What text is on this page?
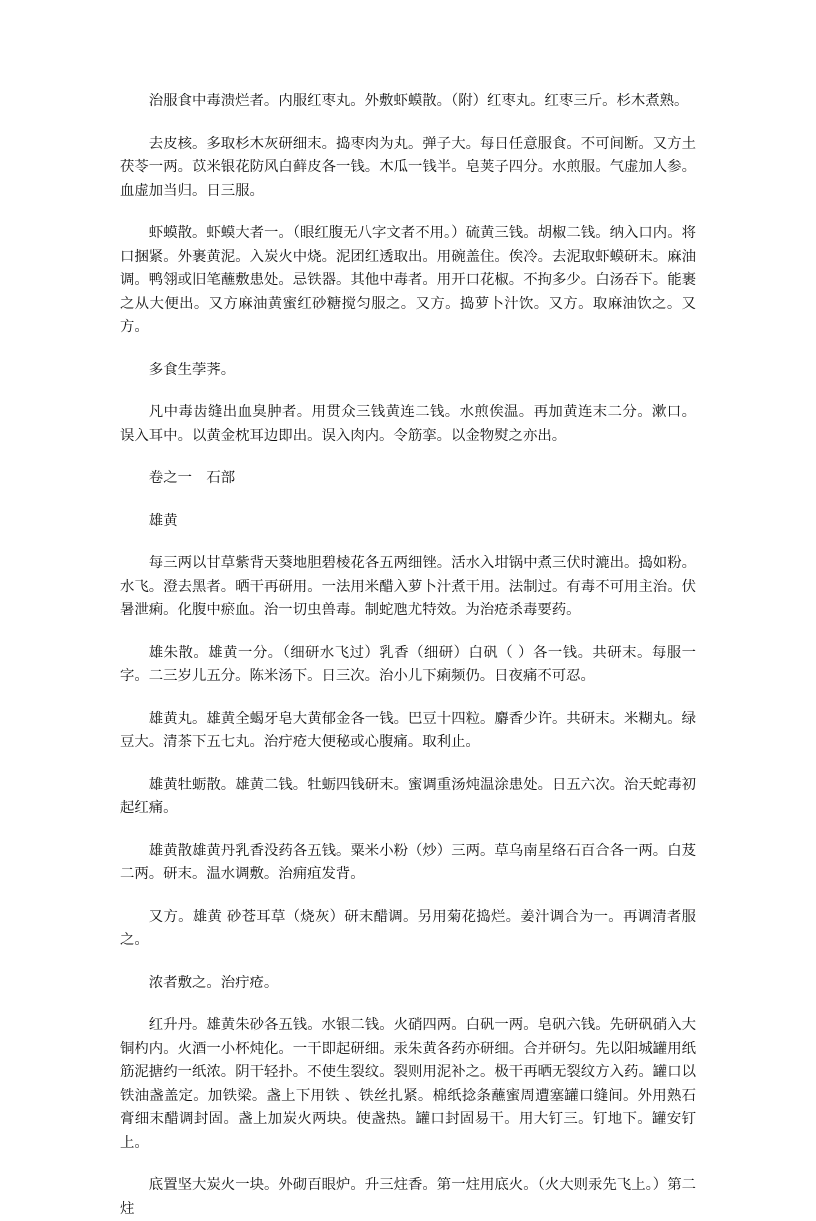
治服食中毒溃烂者。内服红枣丸。外敷虾蟆散。（附）红枣丸。红枣三斤。杉木煮熟。

去皮核。多取杉木灰研细末。捣枣肉为丸。弹子大。每日任意服食。不可间断。又方土茯苓一两。苡米银花防风白藓皮各一钱。木瓜一钱半。皂荚子四分。水煎服。气虚加人参。血虚加当归。日三服。

虾蟆散。虾蟆大者一。（眼红腹无八字文者不用。）硫黄三钱。胡椒二钱。纳入口内。将口捆紧。外裹黄泥。入炭火中烧。泥团红透取出。用碗盖住。俟冷。去泥取虾蟆研末。麻油调。鸭翎或旧笔蘸敷患处。忌铁器。其他中毒者。用开口花椒。不拘多少。白汤吞下。能裹之从大便出。又方麻油黄蜜红砂糖搅匀服之。又方。捣萝卜汁饮。又方。取麻油饮之。又方。

多食生荸荠。

凡中毒齿缝出血臭肿者。用贯众三钱黄连二钱。水煎俟温。再加黄连末二分。漱口。 误入耳中。以黄金枕耳边即出。误入肉内。令筋挛。以金物熨之亦出。

卷之一　石部

雄黄

每三两以甘草紫背天葵地胆碧棱花各五两细锉。活水入坩锅中煮三伏时漉出。捣如粉。水飞。澄去黑者。晒干再研用。一法用米醋入萝卜汁煮干用。法制过。有毒不可用主治。伏暑泄痢。化腹中瘀血。治一切虫兽毒。制蛇虺尤特效。为治疮杀毒要药。

雄朱散。雄黄一分。（细研水飞过）乳香（细研）白矾（ ）各一钱。共研末。每服一字。二三岁儿五分。陈米汤下。日三次。治小儿下痢频仍。日夜痛不可忍。

雄黄丸。雄黄全蝎牙皂大黄郁金各一钱。巴豆十四粒。麝香少许。共研末。米糊丸。绿豆大。清茶下五七丸。治疔疮大便秘或心腹痛。取利止。

雄黄牡蛎散。雄黄二钱。牡蛎四钱研末。蜜调重汤炖温涂患处。日五六次。治天蛇毒初起红痛。

雄黄散雄黄丹乳香没药各五钱。粟米小粉（炒）三两。草乌南星络石百合各一两。白芨二两。研末。温水调敷。治痈疽发背。

又方。雄黄 砂苍耳草（烧灰）研末醋调。另用菊花捣烂。姜汁调合为一。再调清者服之。

浓者敷之。治疔疮。

红升丹。雄黄朱砂各五钱。水银二钱。火硝四两。白矾一两。皂矾六钱。先研矾硝入大铜杓内。火酒一小杯炖化。一干即起研细。汞朱黄各药亦研细。合并研匀。先以阳城罐用纸筋泥搪约一纸浓。阴干轻扑。不使生裂纹。裂则用泥补之。极干再晒无裂纹方入药。罐口以铁油盏盖定。加铁梁。盏上下用铁 、铁丝扎紧。棉纸捻条蘸蜜周遭塞罐口缝间。外用熟石膏细末醋调封固。盏上加炭火两块。使盏热。罐口封固易干。用大钉三。钉地下。罐安钉上。

底置坚大炭火一块。外砌百眼炉。升三炷香。第一炷用底火。（火大则汞先飞上。）第二炷
